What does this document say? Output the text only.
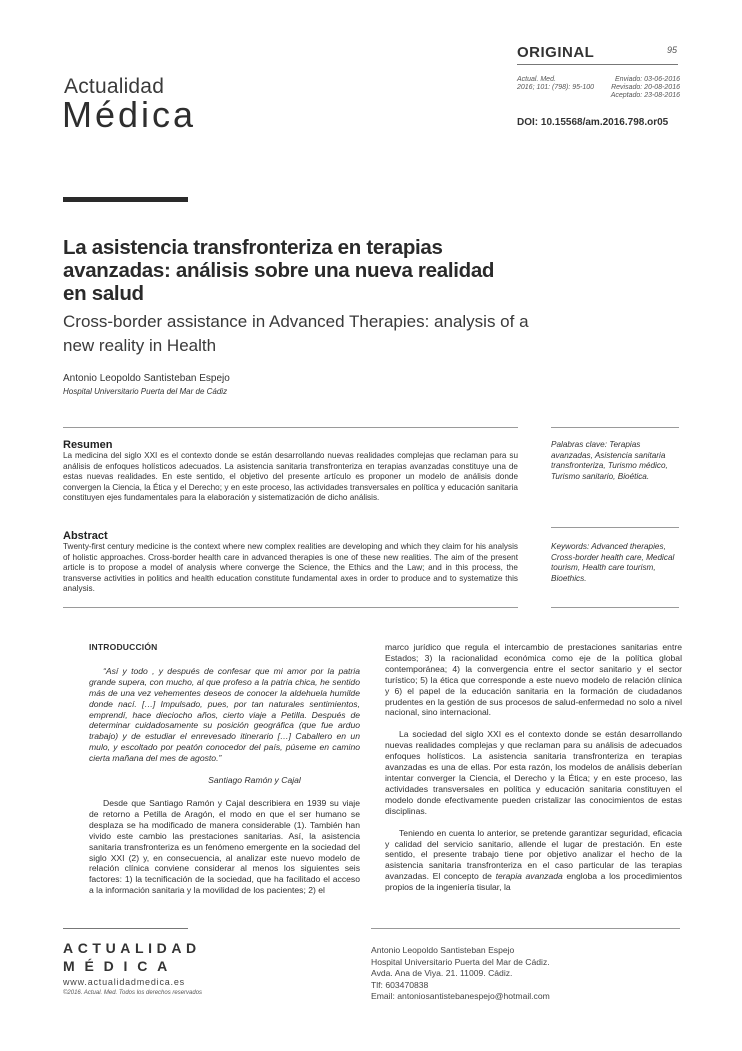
Actualidad
Médica
ORIGINAL	95
Actual. Med.
2016; 101: (798): 95-100
Enviado: 03-06-2016
Revisado: 20-08-2016
Aceptado: 23-08-2016
DOI: 10.15568/am.2016.798.or05
La asistencia transfronteriza en terapias avanzadas: análisis sobre una nueva realidad en salud
Cross-border assistance in Advanced Therapies: analysis of a new reality in Health
Antonio Leopoldo Santisteban Espejo
Hospital Universitario Puerta del Mar de Cádiz
Resumen
La medicina del siglo XXI es el contexto donde se están desarrollando nuevas realidades complejas que reclaman para su análisis de enfoques holísticos adecuados. La asistencia sanitaria transfronteriza en terapias avanzadas constituye una de estas nuevas realidades. En este sentido, el objetivo del presente artículo es proponer un modelo de análisis donde convergen la Ciencia, la Ética y el Derecho; y en este proceso, las actividades transversales en política y educación sanitaria constituyen ejes fundamentales para la elaboración y sistematización de dicho análisis.
Palabras clave: Terapias avanzadas, Asistencia sanitaria transfronteriza, Turismo médico, Turismo sanitario, Bioética.
Abstract
Twenty-first century medicine is the context where new complex realities are developing and which they claim for his analysis of holistic approaches. Cross-border health care in advanced therapies is one of these new realities. The aim of the present article is to propose a model of analysis where converge the Science, the Ethics and the Law; and in this process, the transverse activities in politics and health education constitute fundamental axes in order to produce and to systematize this analysis.
Keywords: Advanced therapies, Cross-border health care, Medical tourism, Health care tourism, Bioethics.

INTRODUCCIÓN

“Así y todo , y después de confesar que mi amor por la patria grande supera, con mucho, al que profeso a la patria chica, he sentido más de una vez vehementes deseos de conocer la aldehuela humilde donde nací. […] Impulsado, pues, por tan naturales sentimientos, emprendí, hace dieciocho años, cierto viaje a Petilla. Después de determinar cuidadosamente su posición geográfica (que fue arduo trabajo) y de estudiar el enrevesado itinerario […] Caballero en un mulo, y escoltado por peatón conocedor del país, púseme en camino cierta mañana del mes de agosto.”

Santiago Ramón y Cajal

Desde que Santiago Ramón y Cajal describiera en 1939 su viaje de retorno a Petilla de Aragón, el modo en que el ser humano se desplaza se ha modificado de manera considerable (1). También han vivido este cambio las prestaciones sanitarias. Así, la asistencia sanitaria transfronteriza es un fenómeno emergente en la sociedad del siglo XXI (2) y, en consecuencia, al analizar este nuevo modelo de relación clínica conviene considerar al menos los siguientes seis factores: 1) la tecnificación de la sociedad, que ha facilitado el acceso a la información sanitaria y la movilidad de los pacientes; 2) el

marco jurídico que regula el intercambio de prestaciones sanitarias entre Estados; 3) la racionalidad económica como eje de la política global contemporánea; 4) la convergencia entre el sector sanitario y el sector turístico; 5) la ética que corresponde a este nuevo modelo de relación clínica y 6) el papel de la educación sanitaria en la formación de ciudadanos prudentes en la gestión de sus procesos de salud-enfermedad no solo a nivel nacional, sino internacional.

La sociedad del siglo XXI es el contexto donde se están desarrollando nuevas realidades complejas y que reclaman para su análisis de adecuados enfoques holísticos. La asistencia sanitaria transfronteriza en terapias avanzadas es una de ellas. Por esta razón, los modelos de análisis deberían intentar converger la Ciencia, el Derecho y la Ética; y en este proceso, las actividades transversales en política y educación sanitaria constituyen el modelo donde efectivamente pueden cristalizar las conocimientos de estas disciplinas.

Teniendo en cuenta lo anterior, se pretende garantizar seguridad, eficacia y calidad del servicio sanitario, allende el lugar de prestación. En este sentido, el presente trabajo tiene por objetivo analizar el hecho de la asistencia sanitaria transfronteriza en el caso particular de las terapias avanzadas. El concepto de terapia avanzada engloba a los procedimientos propios de la ingeniería tisular, la

ACTUALIDAD
MÉDICA
www.actualidadmedica.es
©2016. Actual. Med. Todos los derechos reservados
Antonio Leopoldo Santisteban Espejo
Hospital Universitario Puerta del Mar de Cádiz.
Avda. Ana de Viya. 21. 11009. Cádiz.
Tlf: 603470838
Email: antoniosantistebanespejo@hotmail.com
